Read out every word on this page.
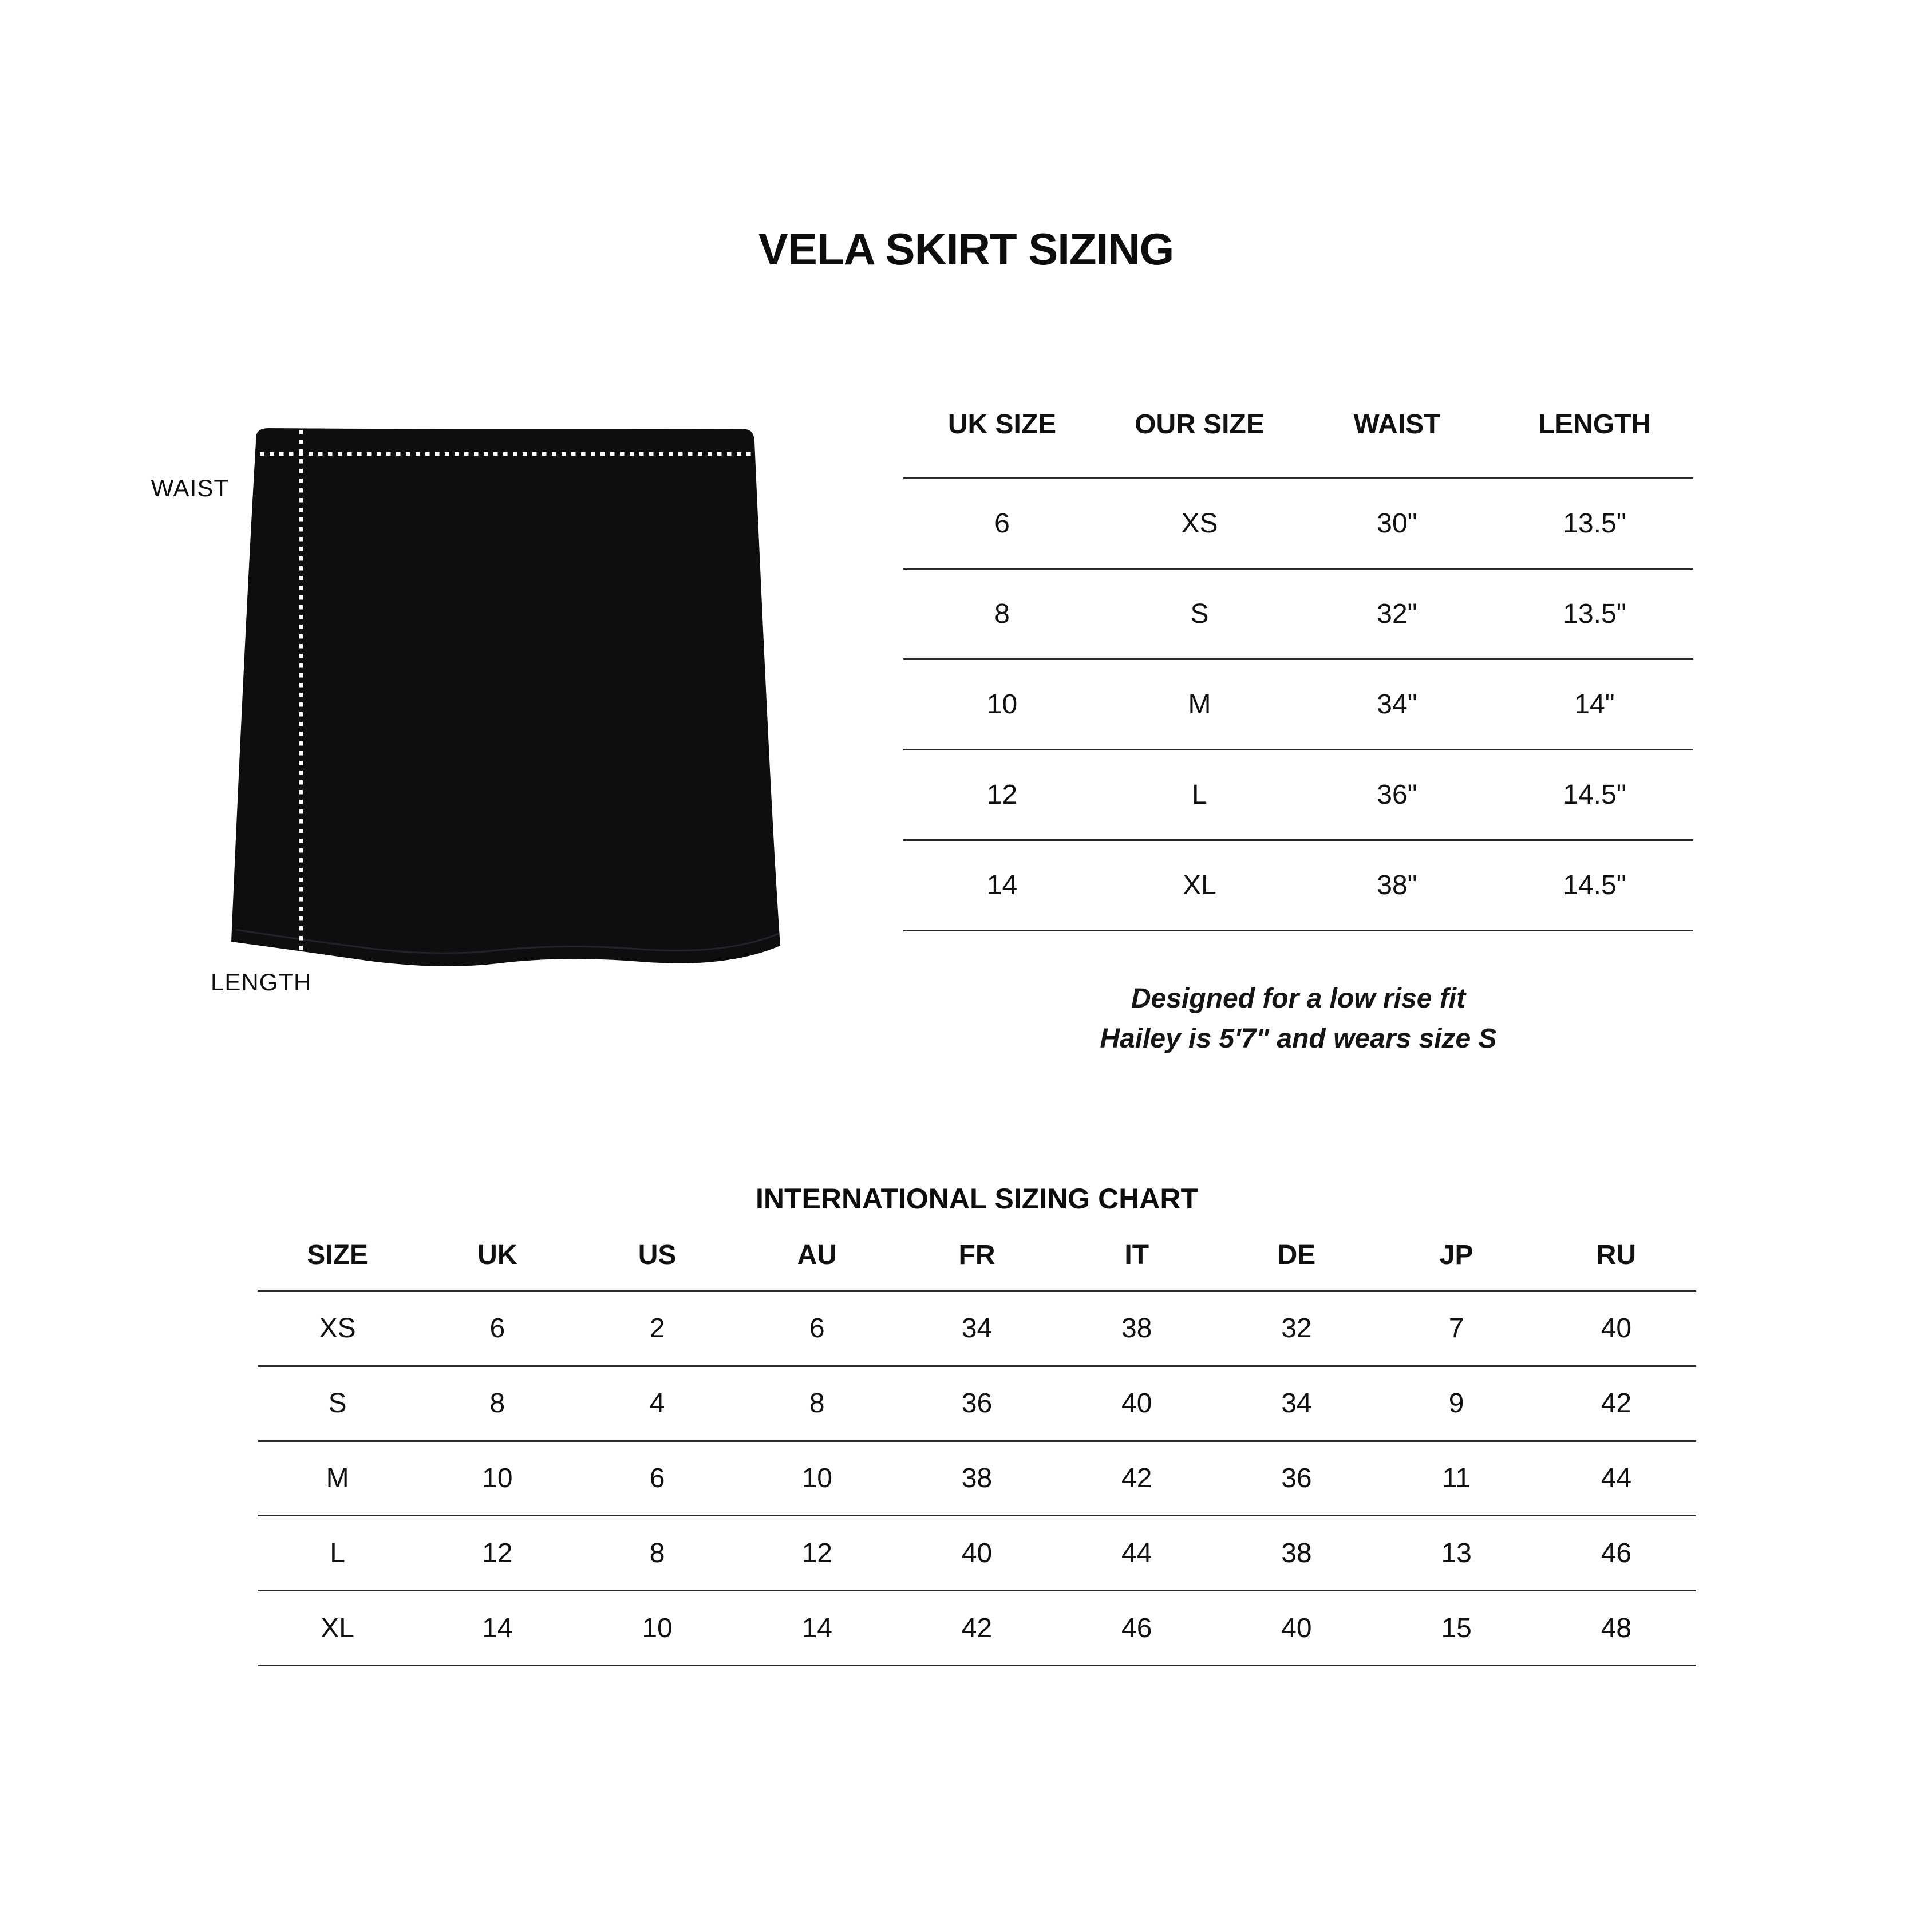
VELA SKIRT SIZING
WAIST
LENGTH
UK SIZE	OUR SIZE	WAIST	LENGTH
6	XS	30"	13.5"
8	S	32"	13.5"
10	M	34"	14"
12	L	36"	14.5"
14	XL	38"	14.5"
Designed for a low rise fit
Hailey is 5'7" and wears size S
INTERNATIONAL SIZING CHART
SIZE	UK	US	AU	FR	IT	DE	JP	RU
XS	6	2	6	34	38	32	7	40
S	8	4	8	36	40	34	9	42
M	10	6	10	38	42	36	11	44
L	12	8	12	40	44	38	13	46
XL	14	10	14	42	46	40	15	48
